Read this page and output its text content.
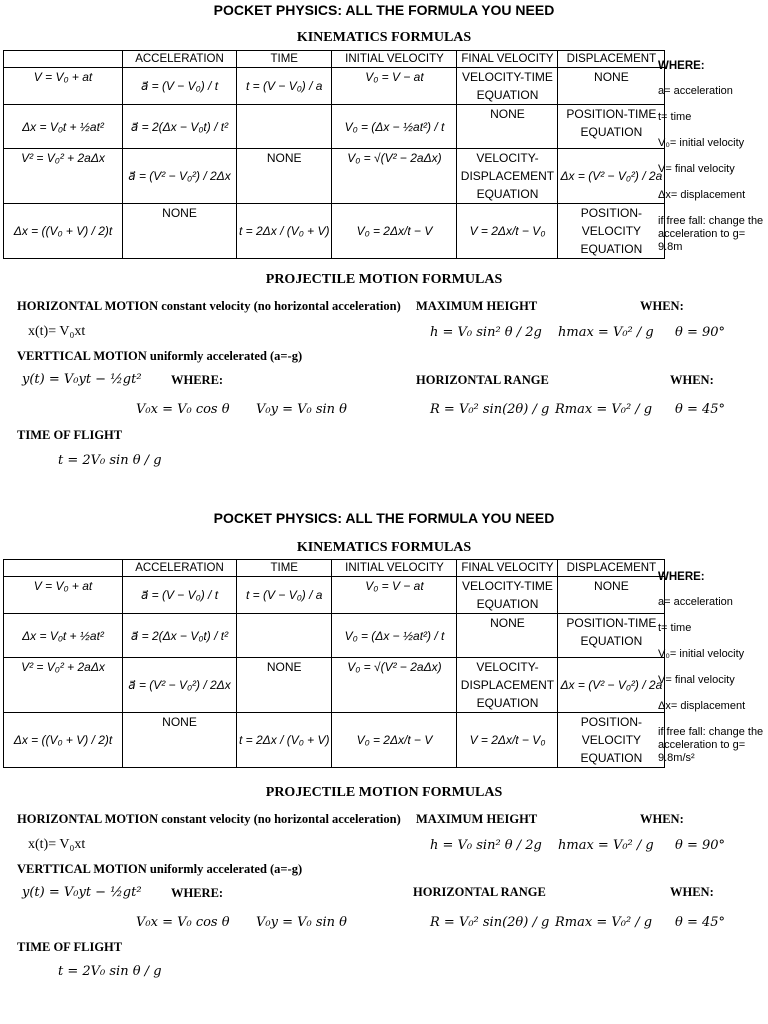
POCKET PHYSICS: ALL THE FORMULA YOU NEED
KINEMATICS FORMULAS
	ACCELERATION	TIME	INITIAL VELOCITY	FINAL VELOCITY	DISPLACEMENT
V = V₀ + at	a⃗ = (V − V₀) / t	t = (V − V₀) / a	V₀ = V − at	VELOCITY-TIME EQUATION	NONE
Δx = V₀t + ½at²	a⃗ = 2(Δx − V₀t) / t²		V₀ = (Δx − ½at²) / t	NONE	POSITION-TIME EQUATION
V² = V₀² + 2aΔx	a⃗ = (V² − V₀²) / 2Δx	NONE	V₀ = √(V² − 2aΔx)	VELOCITY-DISPLACEMENT EQUATION	Δx = (V² − V₀²) / 2a
Δx = ((V₀ + V) / 2)t	NONE	t = 2Δx / (V₀ + V)	V₀ = 2Δx/t − V	V = 2Δx/t − V₀	POSITION-VELOCITY EQUATION
WHERE:
a= acceleration
t= time
V₀= initial velocity
V= final velocity
Δx= displacement
if free fall: change the acceleration to g= 9.8m
PROJECTILE MOTION FORMULAS
HORIZONTAL MOTION constant velocity (no horizontal acceleration)
x(t)= V₀xt
VERTTICAL MOTION uniformly accelerated (a=-g)
y(t) = V₀yt − ½gt² WHERE:
V₀x = V₀ cos θ V₀y = V₀ sin θ
TIME OF FLIGHT
t = 2V₀ sin θ / g
MAXIMUM HEIGHT
h = V₀ sin² θ / 2g hmax = V₀² / g
WHEN:
θ = 90°
HORIZONTAL RANGE
R = V₀² sin(2θ) / g Rmax = V₀² / g
WHEN:
θ = 45°
POCKET PHYSICS: ALL THE FORMULA YOU NEED
KINEMATICS FORMULAS
	ACCELERATION	TIME	INITIAL VELOCITY	FINAL VELOCITY	DISPLACEMENT
V = V₀ + at	a⃗ = (V − V₀) / t	t = (V − V₀) / a	V₀ = V − at	VELOCITY-TIME EQUATION	NONE
Δx = V₀t + ½at²	a⃗ = 2(Δx − V₀t) / t²		V₀ = (Δx − ½at²) / t	NONE	POSITION-TIME EQUATION
V² = V₀² + 2aΔx	a⃗ = (V² − V₀²) / 2Δx	NONE	V₀ = √(V² − 2aΔx)	VELOCITY-DISPLACEMENT EQUATION	Δx = (V² − V₀²) / 2a
Δx = ((V₀ + V) / 2)t	NONE	t = 2Δx / (V₀ + V)	V₀ = 2Δx/t − V	V = 2Δx/t − V₀	POSITION-VELOCITY EQUATION
WHERE:
a= acceleration
t= time
V₀= initial velocity
V= final velocity
Δx= displacement
if free fall: change the acceleration to g= 9.8m/s²
PROJECTILE MOTION FORMULAS
HORIZONTAL MOTION constant velocity (no horizontal acceleration)
x(t)= V₀xt
VERTTICAL MOTION uniformly accelerated (a=-g)
y(t) = V₀yt − ½gt² WHERE:
V₀x = V₀ cos θ V₀y = V₀ sin θ
TIME OF FLIGHT
t = 2V₀ sin θ / g
MAXIMUM HEIGHT
h = V₀ sin² θ / 2g hmax = V₀² / g
WHEN:
θ = 90°
HORIZONTAL RANGE
R = V₀² sin(2θ) / g Rmax = V₀² / g
WHEN:
θ = 45°
